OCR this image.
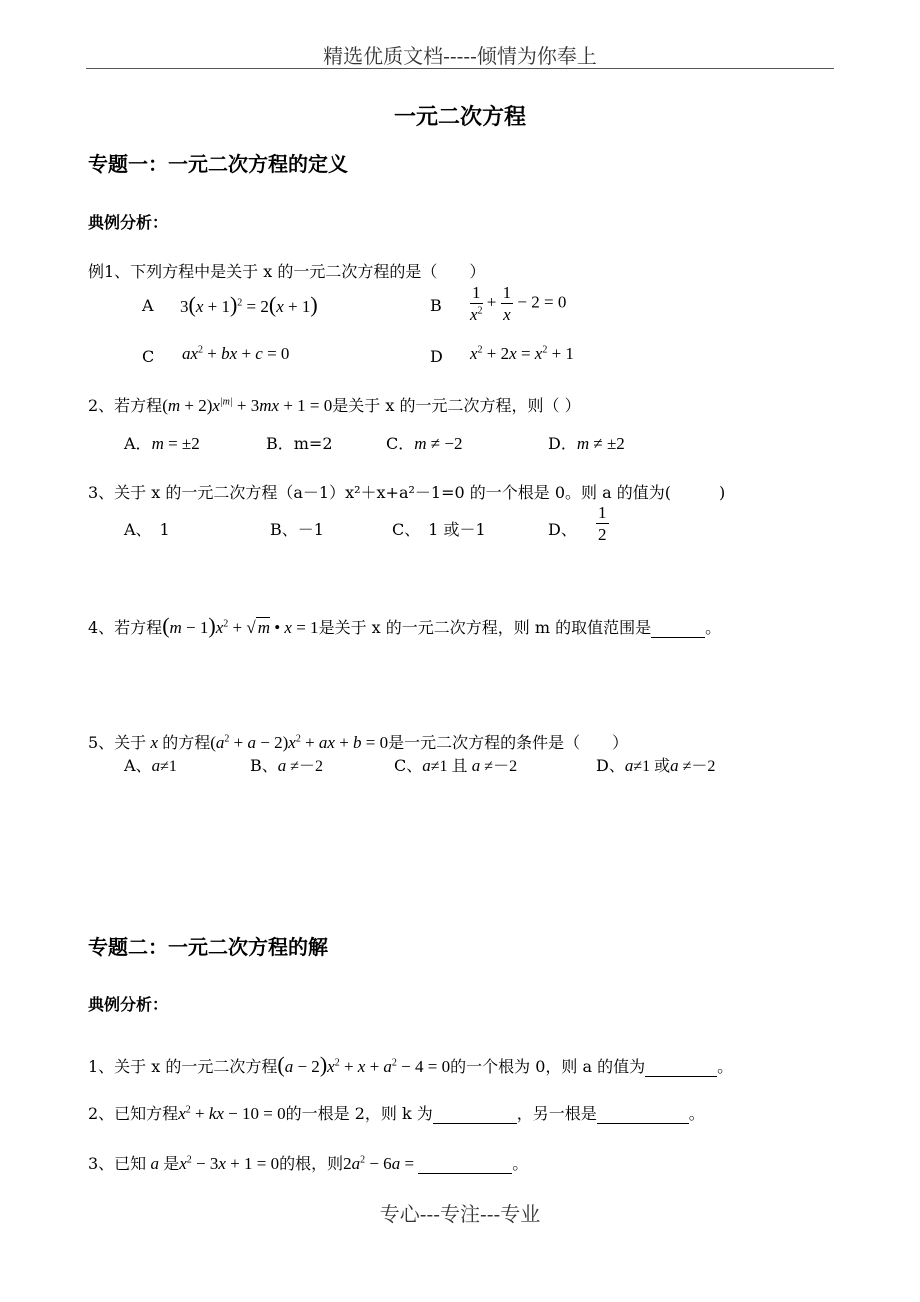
精选优质文档-----倾情为你奉上
一元二次方程
专题一：一元二次方程的定义
典例分析：
例1、下列方程中是关于 x 的一元二次方程的是（　　）
A $3(x + 1)^2 = 2(x + 1)$	B $\frac{1}{x^2} + \frac{1}{x} - 2 = 0$
C $ax^2$ + bx + c = 0	D $x^2 + 2x = x^2 + 1$
2、若方程$(m + 2)x^{|m|} + 3mx + 1 = 0$是关于 x 的一元二次方程，则（ ）
A．m = ±2	B．m=2	C．m ≠ −2	D．m ≠ ±2
3、关于 x 的一元二次方程（a－1）x²＋x+a²－1=0 的一个根是 0。则 a 的值为(　　　)
A、　1	B、－1	C、　1 或－1	D、 $\frac{1}{2}$
4、若方程$(m - 1)x^2$ + √ m • x = 1是关于 x 的一元二次方程，则 m 的取值范围是	。
5、关于 x 的方程$(a^2 + a - 2)x^2$ + ax + b = 0是一元二次方程的条件是（　　）
A、a≠1	B、a ≠－2	C、a≠1 且 a ≠－2	D、a≠1 或a ≠－2
专题二：一元二次方程的解
典例分析：
1、关于 x 的一元二次方程$(a - 2)x^2 + x + a^2 - 4 = 0$的一个根为 0，则 a 的值为	。
2、已知方程$x^2$ + kx − 10 = 0的一根是 2，则 k 为	，另一根是	。
3、已知 a 是$x^2 - 3x + 1 = 0$的根，则$2a^2 - 6a$ =	。
专心---专注---专业
